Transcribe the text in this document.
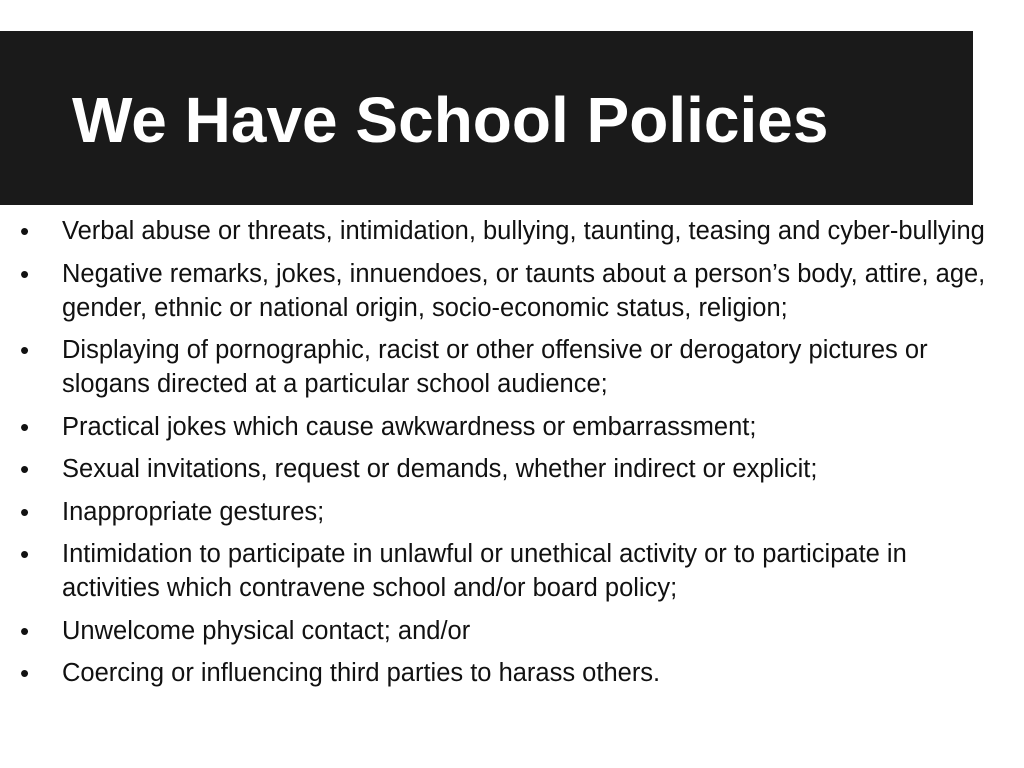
We Have School Policies
• Verbal abuse or threats, intimidation, bullying, taunting, teasing and cyber-bullying
• Negative remarks, jokes, innuendoes, or taunts about a person’s body, attire, age, gender, ethnic or national origin, socio-economic status, religion;
• Displaying of pornographic, racist or other offensive or derogatory pictures or slogans directed at a particular school audience;
• Practical jokes which cause awkwardness or embarrassment;
• Sexual invitations, request or demands, whether indirect or explicit;
• Inappropriate gestures;
• Intimidation to participate in unlawful or unethical activity or to participate in activities which contravene school and/or board policy;
• Unwelcome physical contact; and/or
• Coercing or influencing third parties to harass others.
